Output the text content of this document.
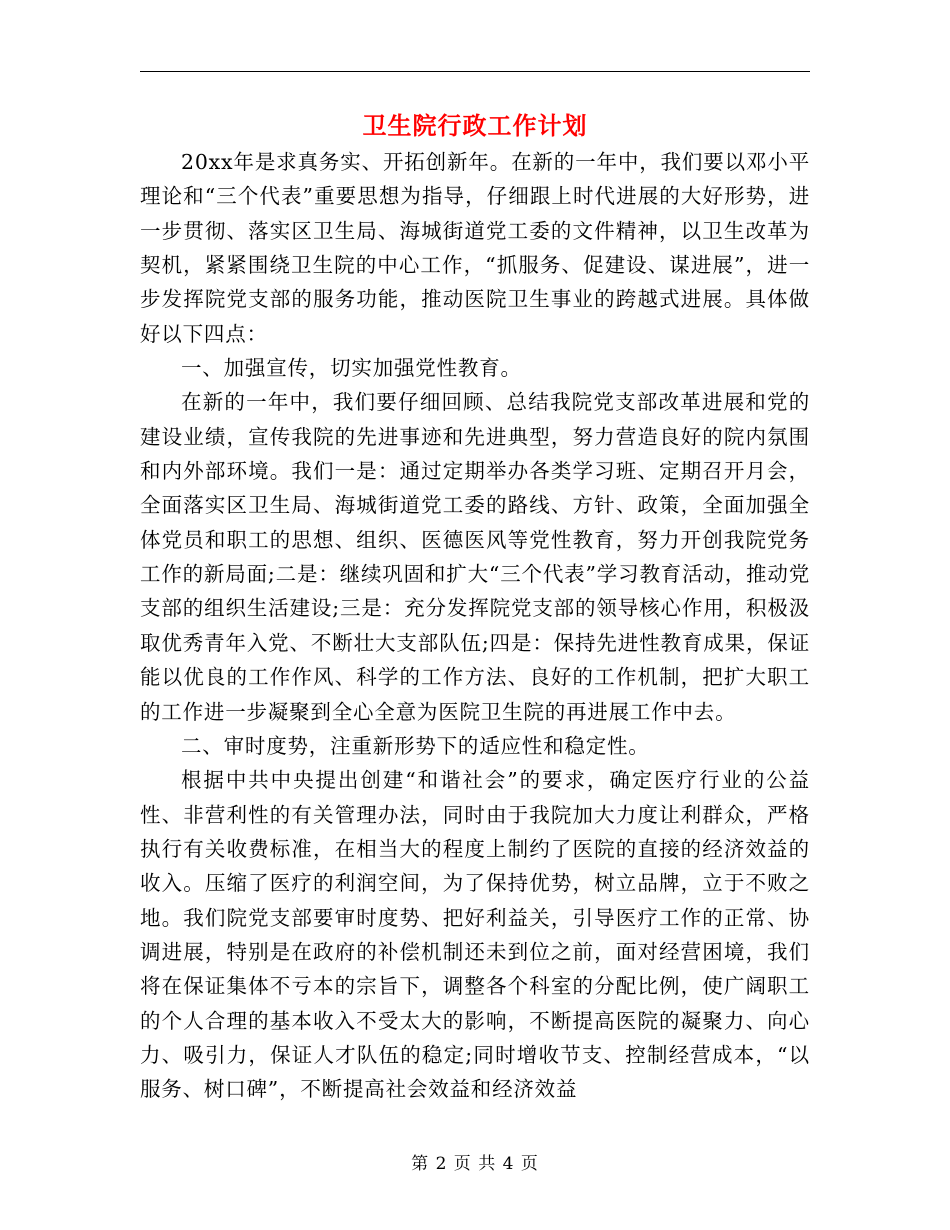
卫生院行政工作计划

20xx年是求真务实、开拓创新年。在新的一年中，我们要以邓小平理论和“三个代表”重要思想为指导，仔细跟上时代进展的大好形势，进一步贯彻、落实区卫生局、海城街道党工委的文件精神，以卫生改革为契机，紧紧围绕卫生院的中心工作，“抓服务、促建设、谋进展”，进一步发挥院党支部的服务功能，推动医院卫生事业的跨越式进展。具体做好以下四点：

一、加强宣传，切实加强党性教育。

在新的一年中，我们要仔细回顾、总结我院党支部改革进展和党的建设业绩，宣传我院的先进事迹和先进典型，努力营造良好的院内氛围和内外部环境。我们一是：通过定期举办各类学习班、定期召开月会，全面落实区卫生局、海城街道党工委的路线、方针、政策，全面加强全体党员和职工的思想、组织、医德医风等党性教育，努力开创我院党务工作的新局面;二是：继续巩固和扩大“三个代表”学习教育活动，推动党支部的组织生活建设;三是：充分发挥院党支部的领导核心作用，积极汲取优秀青年入党、不断壮大支部队伍;四是：保持先进性教育成果，保证能以优良的工作作风、科学的工作方法、良好的工作机制，把扩大职工的工作进一步凝聚到全心全意为医院卫生院的再进展工作中去。

二、审时度势，注重新形势下的适应性和稳定性。

根据中共中央提出创建“和谐社会”的要求，确定医疗行业的公益性、非营利性的有关管理办法，同时由于我院加大力度让利群众，严格执行有关收费标准，在相当大的程度上制约了医院的直接的经济效益的收入。压缩了医疗的利润空间，为了保持优势，树立品牌，立于不败之地。我们院党支部要审时度势、把好利益关，引导医疗工作的正常、协调进展，特别是在政府的补偿机制还未到位之前，面对经营困境，我们将在保证集体不亏本的宗旨下，调整各个科室的分配比例，使广阔职工的个人合理的基本收入不受太大的影响，不断提高医院的凝聚力、向心力、吸引力，保证人才队伍的稳定;同时增收节支、控制经营成本，“以服务、树口碑”，不断提高社会效益和经济效益

第 2 页 共 4 页
